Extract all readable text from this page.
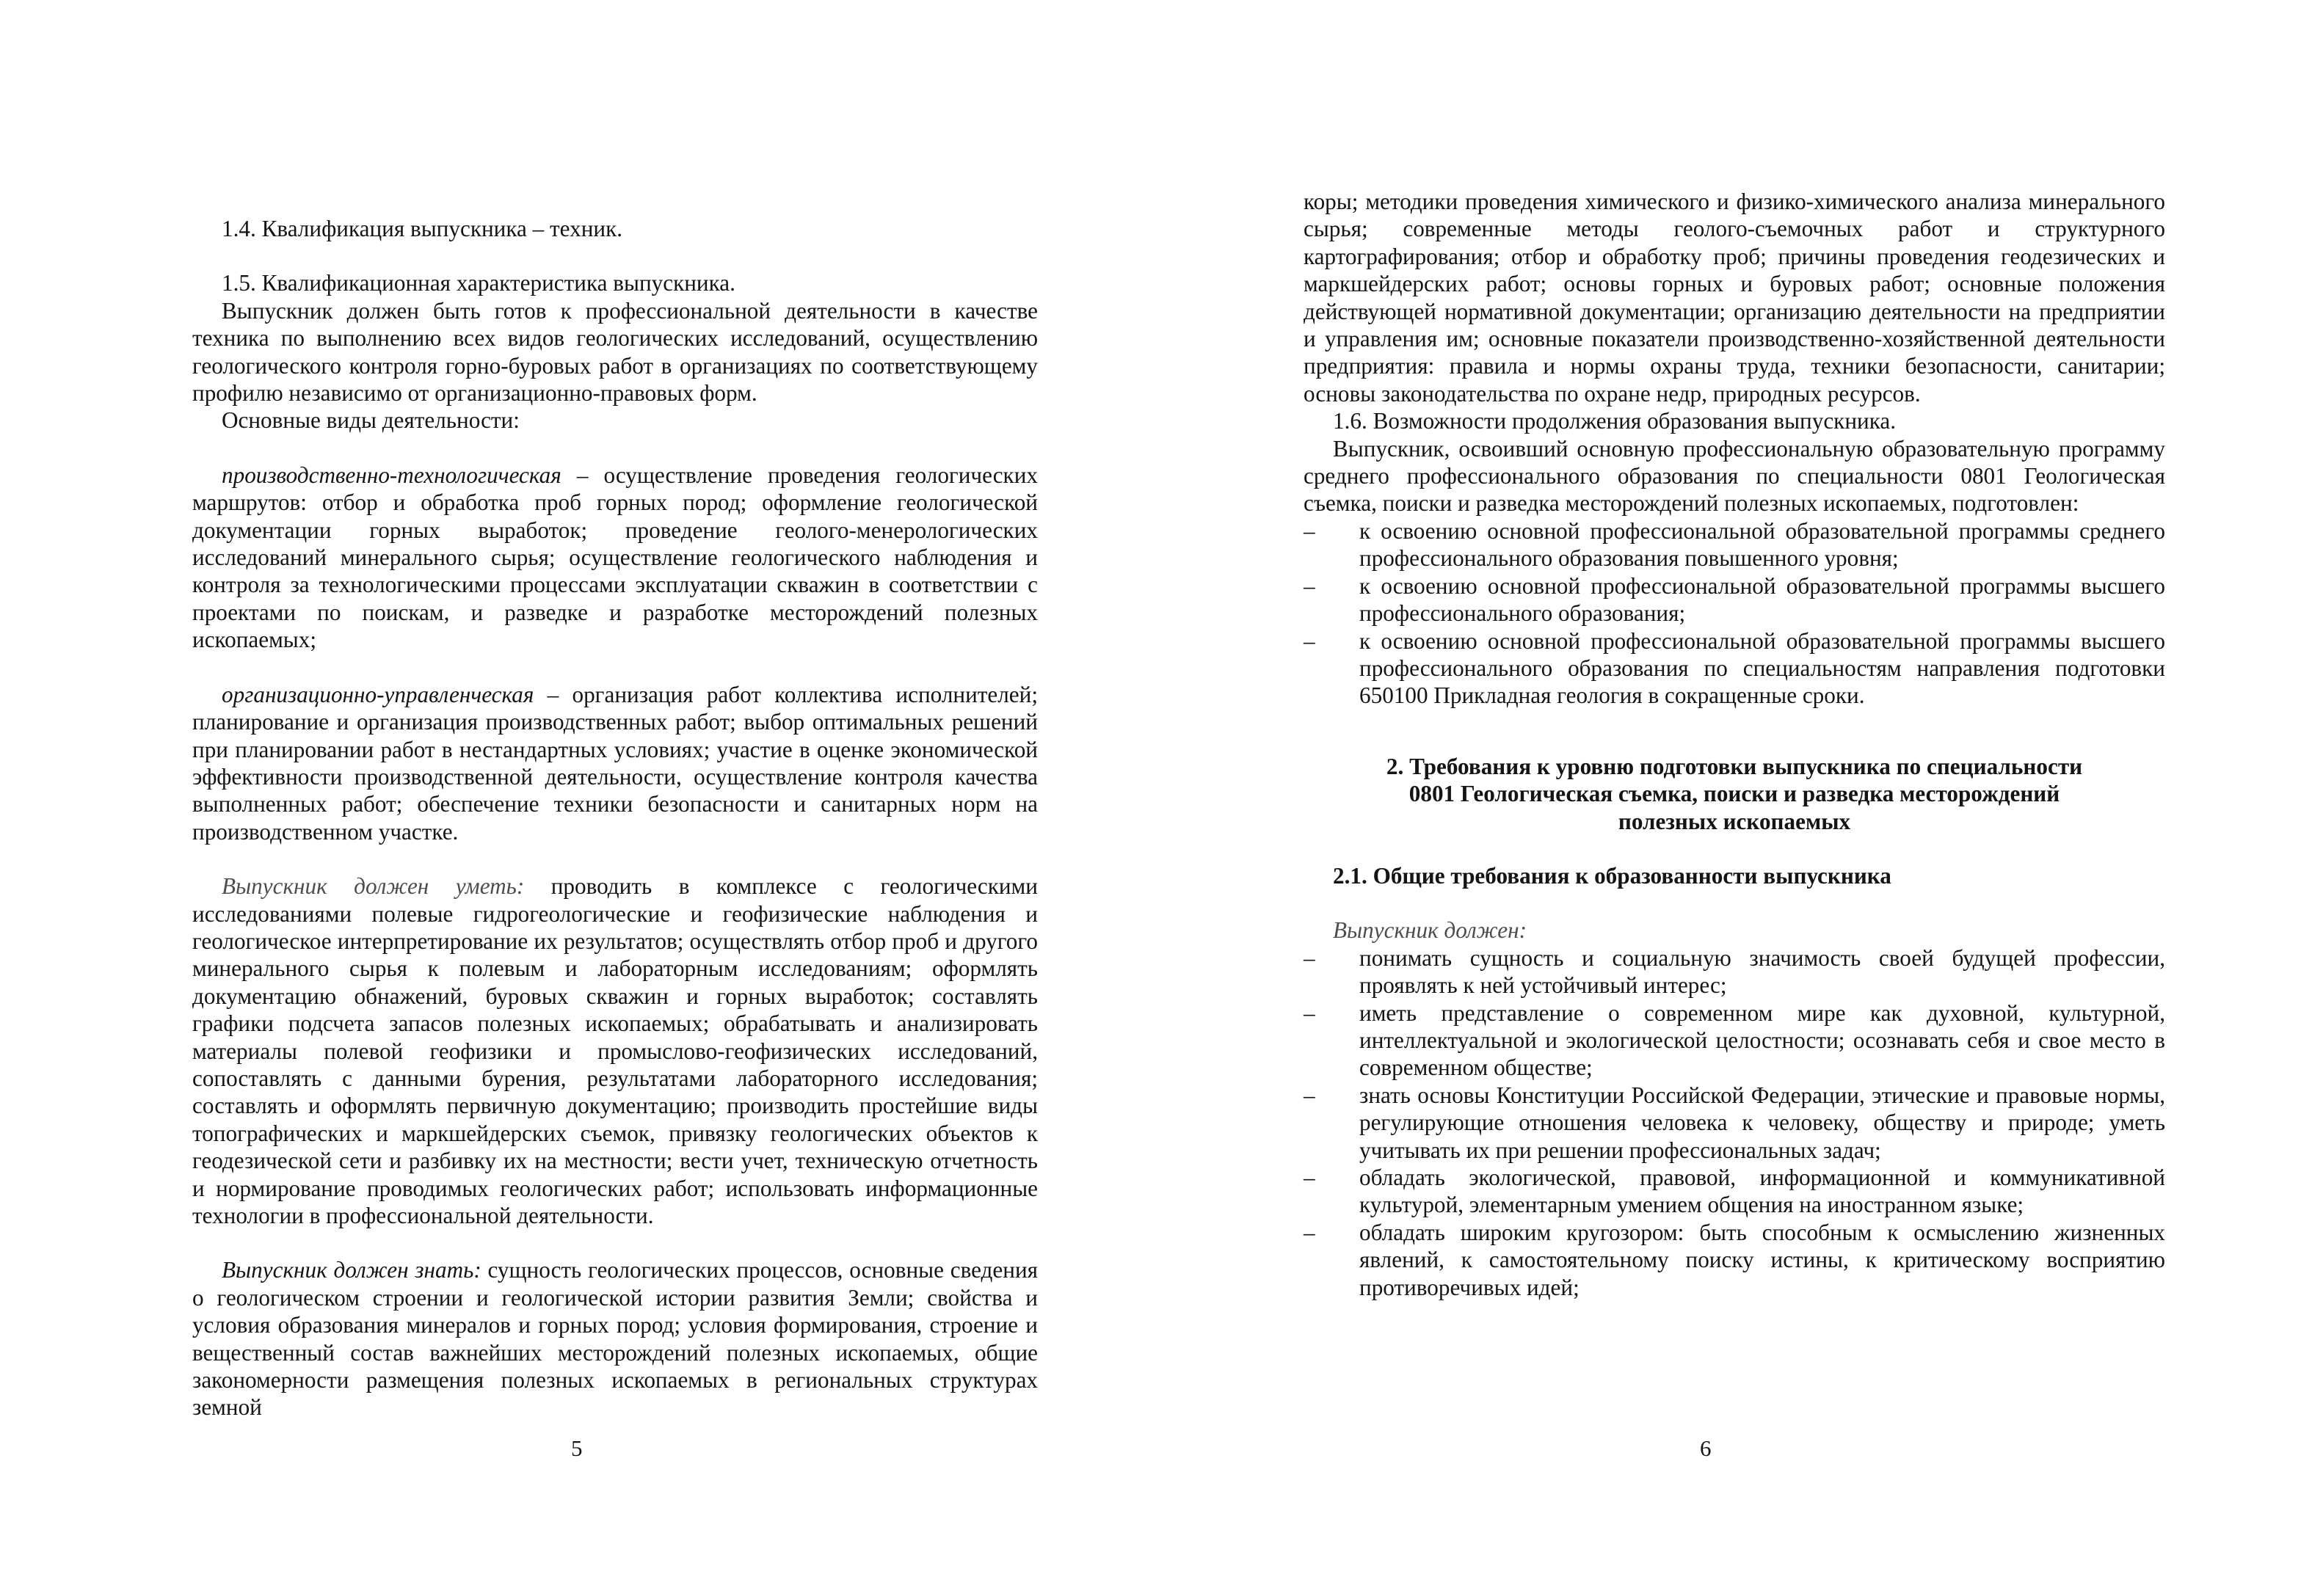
1.4. Квалификация выпускника – техник.

1.5. Квалификационная характеристика выпускника.

Выпускник должен быть готов к профессиональной деятельности в качестве техника по выполнению всех видов геологических исследований, осуществлению геологического контроля горно-буровых работ в организациях по соответствующему профилю независимо от организационно-правовых форм.

Основные виды деятельности:

производственно-технологическая – осуществление проведения геологических маршрутов: отбор и обработка проб горных пород; оформление геологической документации горных выработок; проведение геолого-менерологических исследований минерального сырья; осуществление геологического наблюдения и контроля за технологическими процессами эксплуатации скважин в соответствии с проектами по поискам, и разведке и разработке месторождений полезных ископаемых;

организационно-управленческая – организация работ коллектива исполнителей; планирование и организация производственных работ; выбор оптимальных решений при планировании работ в нестандартных условиях; участие в оценке экономической эффективности производственной деятельности, осуществление контроля качества выполненных работ; обеспечение техники безопасности и санитарных норм на производственном участке.

Выпускник должен уметь: проводить в комплексе с геологическими исследованиями полевые гидрогеологические и геофизические наблюдения и геологическое интерпретирование их результатов; осуществлять отбор проб и другого минерального сырья к полевым и лабораторным исследованиям; оформлять документацию обнажений, буровых скважин и горных выработок; составлять графики подсчета запасов полезных ископаемых; обрабатывать и анализировать материалы полевой геофизики и промыслово-геофизических исследований, сопоставлять с данными бурения, результатами лабораторного исследования; составлять и оформлять первичную документацию; производить простейшие виды топографических и маркшейдерских съемок, привязку геологических объектов к геодезической сети и разбивку их на местности; вести учет, техническую отчетность и нормирование проводимых геологических работ; использовать информационные технологии в профессиональной деятельности.

Выпускник должен знать: сущность геологических процессов, основные сведения о геологическом строении и геологической истории развития Земли; свойства и условия образования минералов и горных пород; условия формирования, строение и вещественный состав важнейших месторождений полезных ископаемых, общие закономерности размещения полезных ископаемых в региональных структурах земной

5

коры; методики проведения химического и физико-химического анализа минерального сырья; современные методы геолого-съемочных работ и структурного картографирования; отбор и обработку проб; причины проведения геодезических и маркшейдерских работ; основы горных и буровых работ; основные положения действующей нормативной документации; организацию деятельности на предприятии и управления им; основные показатели производственно-хозяйственной деятельности предприятия: правила и нормы охраны труда, техники безопасности, санитарии; основы законодательства по охране недр, природных ресурсов.

1.6. Возможности продолжения образования выпускника.

Выпускник, освоивший основную профессиональную образовательную программу среднего профессионального образования по специальности 0801 Геологическая съемка, поиски и разведка месторождений полезных ископаемых, подготовлен:

– к освоению основной профессиональной образовательной программы среднего профессионального образования повышенного уровня;
– к освоению основной профессиональной образовательной программы высшего профессионального образования;
– к освоению основной профессиональной образовательной программы высшего профессионального образования по специальностям направления подготовки 650100 Прикладная геология в сокращенные сроки.

2. Требования к уровню подготовки выпускника по специальности
0801 Геологическая съемка, поиски и разведка месторождений
полезных ископаемых

2.1. Общие требования к образованности выпускника

Выпускник должен:

– понимать сущность и социальную значимость своей будущей профессии, проявлять к ней устойчивый интерес;
– иметь представление о современном мире как духовной, культурной, интеллектуальной и экологической целостности; осознавать себя и свое место в современном обществе;
– знать основы Конституции Российской Федерации, этические и правовые нормы, регулирующие отношения человека к человеку, обществу и природе; уметь учитывать их при решении профессиональных задач;
– обладать экологической, правовой, информационной и коммуникативной культурой, элементарным умением общения на иностранном языке;
– обладать широким кругозором: быть способным к осмыслению жизненных явлений, к самостоятельному поиску истины, к критическому восприятию противоречивых идей;
6
